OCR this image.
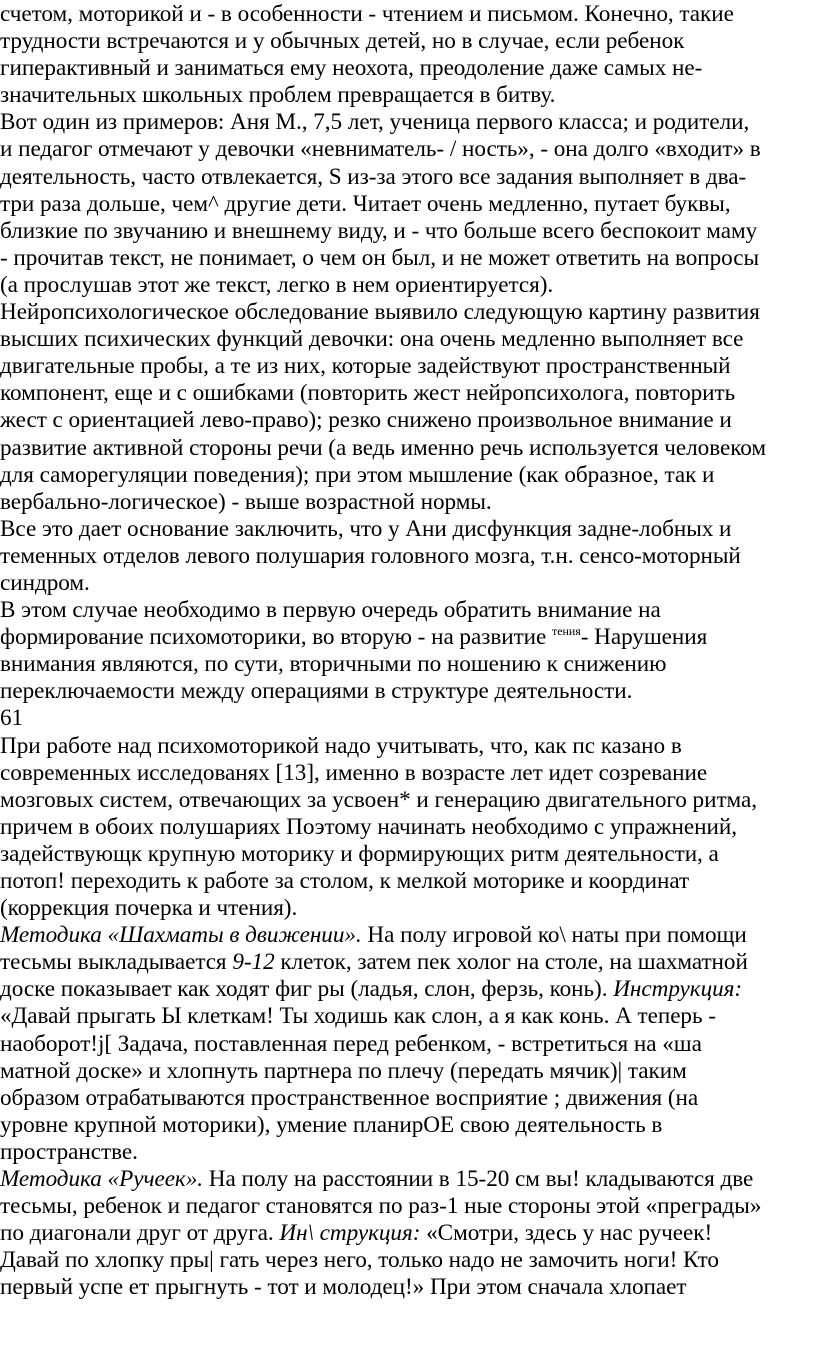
счетом, моторикой и - в особенности - чтением и письмом. Конечно, такие
трудности встречаются и у обычных детей, но в случае, если ребенок
гиперактивный и заниматься ему неохота, преодоление даже самых не-
значительных школьных проблем превращается в битву.
Вот один из примеров: Аня М., 7,5 лет, ученица первого класса; и родители,
и педагог отмечают у девочки «невниматель- / ность», - она долго «входит» в
деятельность, часто отвлекается, S из-за этого все задания выполняет в два-
три раза дольше, чем^ другие дети. Читает очень медленно, путает буквы,
близкие по звучанию и внешнему виду, и - что больше всего беспокоит маму
- прочитав текст, не понимает, о чем он был, и не может ответить на вопросы
(а прослушав этот же текст, легко в нем ориентируется).
Нейропсихологическое обследование выявило следующую картину развития
высших психических функций девочки: она очень медленно выполняет все
двигательные пробы, а те из них, которые задействуют пространственный
компонент, еще и с ошибками (повторить жест нейропсихолога, повторить
жест с ориентацией лево-право); резко снижено произвольное внимание и
развитие активной стороны речи (а ведь именно речь используется человеком
для саморегуляции поведения); при этом мышление (как образное, так и
вербально-логическое) - выше возрастной нормы.
Все это дает основание заключить, что у Ани дисфункция задне-лобных и
теменных отделов левого полушария головного мозга, т.н. сенсо-моторный
синдром.
В этом случае необходимо в первую очередь обратить внимание на
формирование психомоторики, во вторую - на развитие $^{тения}$- Нарушения
внимания являются, по сути, вторичными по ношению к снижению
переключаемости между операциями в структуре деятельности.
61
При работе над психомоторикой надо учитывать, что, как пс казано в
современных исследованях [13], именно в возрасте лет идет созревание
мозговых систем, отвечающих за усвоен* и генерацию двигательного ритма,
причем в обоих полушариях Поэтому начинать необходимо с упражнений,
задействующк крупную моторику и формирующих ритм деятельности, а
потоп! переходить к работе за столом, к мелкой моторике и координат
(коррекция почерка и чтения).
Методика «Шахматы в движении». На полу игровой ко\ наты при помощи
тесьмы выкладывается 9-12 клеток, затем пек холог на столе, на шахматной
доске показывает как ходят фиг ры (ладья, слон, ферзь, конь). Инструкция:
«Давай прыгать Ы клеткам! Ты ходишь как слон, а я как конь. А теперь -
наоборот!j[ Задача, поставленная перед ребенком, - встретиться на «ша
матной доске» и хлопнуть партнера по плечу (передать мячик)| таким
образом отрабатываются пространственное восприятие ; движения (на
уровне крупной моторики), умение планирОЕ свою деятельность в
пространстве.
Методика «Ручеек». На полу на расстоянии в 15-20 см вы! кладываются две
тесьмы, ребенок и педагог становятся по раз-1 ные стороны этой «преграды»
по диагонали друг от друга. Ин\ струкция: «Смотри, здесь у нас ручеек!
Давай по хлопку пры| гать через него, только надо не замочить ноги! Кто
первый успе ет прыгнуть - тот и молодец!» При этом сначала хлопает
